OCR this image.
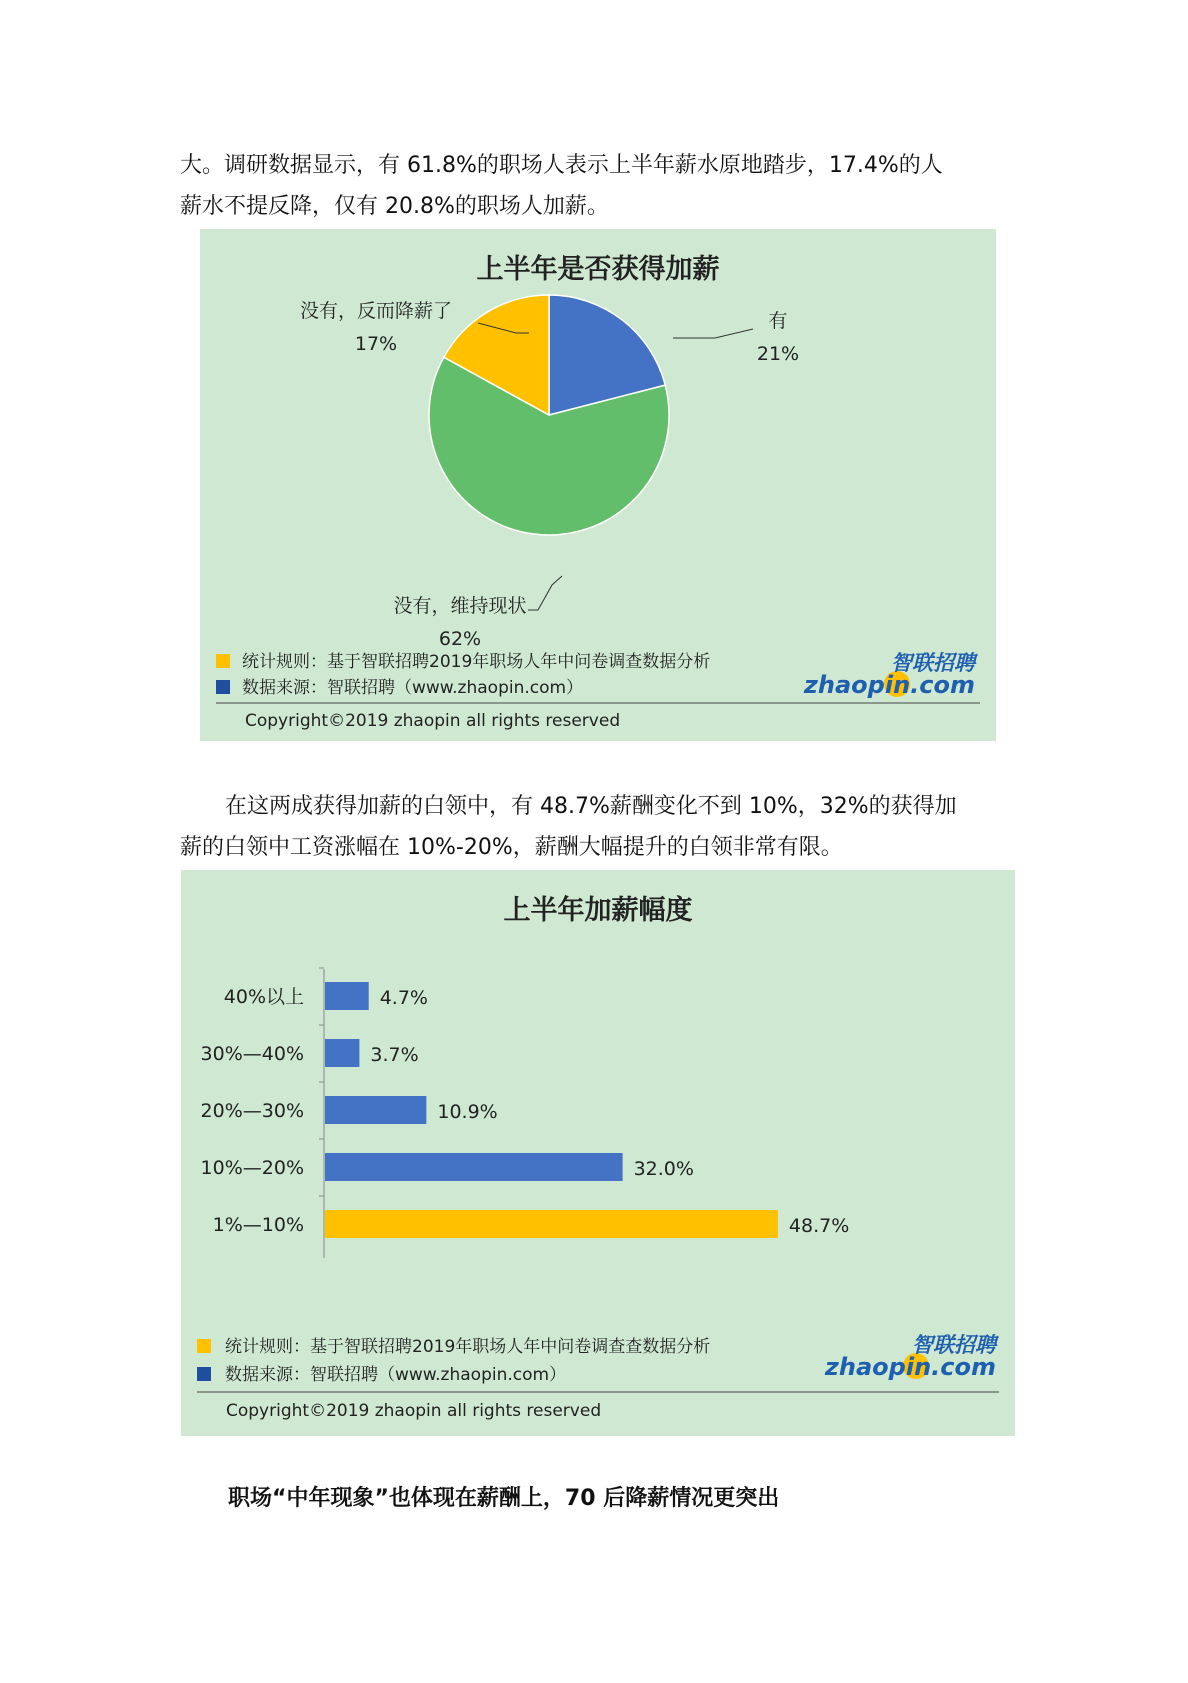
大。调研数据显示，有 61.8%的职场人表示上半年薪水原地踏步，17.4%的人
薪水不提反降，仅有 20.8%的职场人加薪。

上半年是否获得加薪
有
21%
没有，反而降薪了
17%
没有，维持现状
62%
统计规则：基于智联招聘2019年职场人年中问卷调查数据分析
数据来源：智联招聘（www.zhaopin.com）
Copyright©2019 zhaopin all rights reserved
智联招聘
zhaopin.com

在这两成获得加薪的白领中，有 48.7%薪酬变化不到 10%，32%的获得加
薪的白领中工资涨幅在 10%-20%，薪酬大幅提升的白领非常有限。

上半年加薪幅度
40%以上	4.7%
30%—40%	3.7%
20%—30%	10.9%
10%—20%	32.0%
1%—10%	48.7%
统计规则：基于智联招聘2019年职场人年中问卷调查查数据分析
数据来源：智联招聘（www.zhaopin.com）
Copyright©2019 zhaopin all rights reserved
智联招聘
zhaopin.com

职场“中年现象”也体现在薪酬上，70 后降薪情况更突出
